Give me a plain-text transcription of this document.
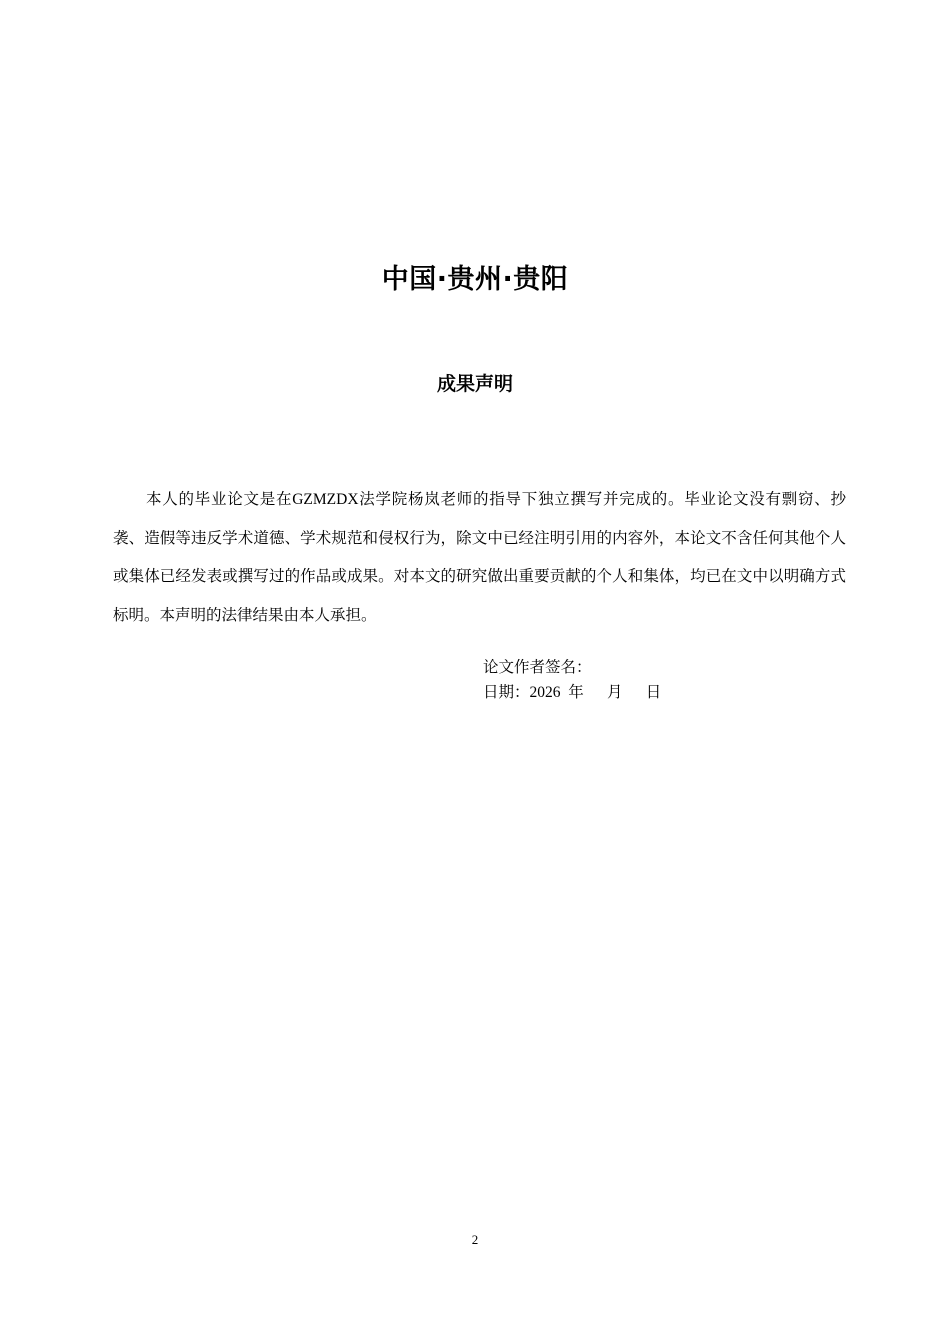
中国·贵州·贵阳
成果声明

本人的毕业论文是在GZMZDX法学院杨岚老师的指导下独立撰写并完成的。毕业论文没有剽窃、抄袭、造假等违反学术道德、学术规范和侵权行为，除文中已经注明引用的内容外，本论文不含任何其他个人或集体已经发表或撰写过的作品或成果。对本文的研究做出重要贡献的个人和集体，均已在文中以明确方式标明。本声明的法律结果由本人承担。

论文作者签名：
日期：2026  年      月      日
2
